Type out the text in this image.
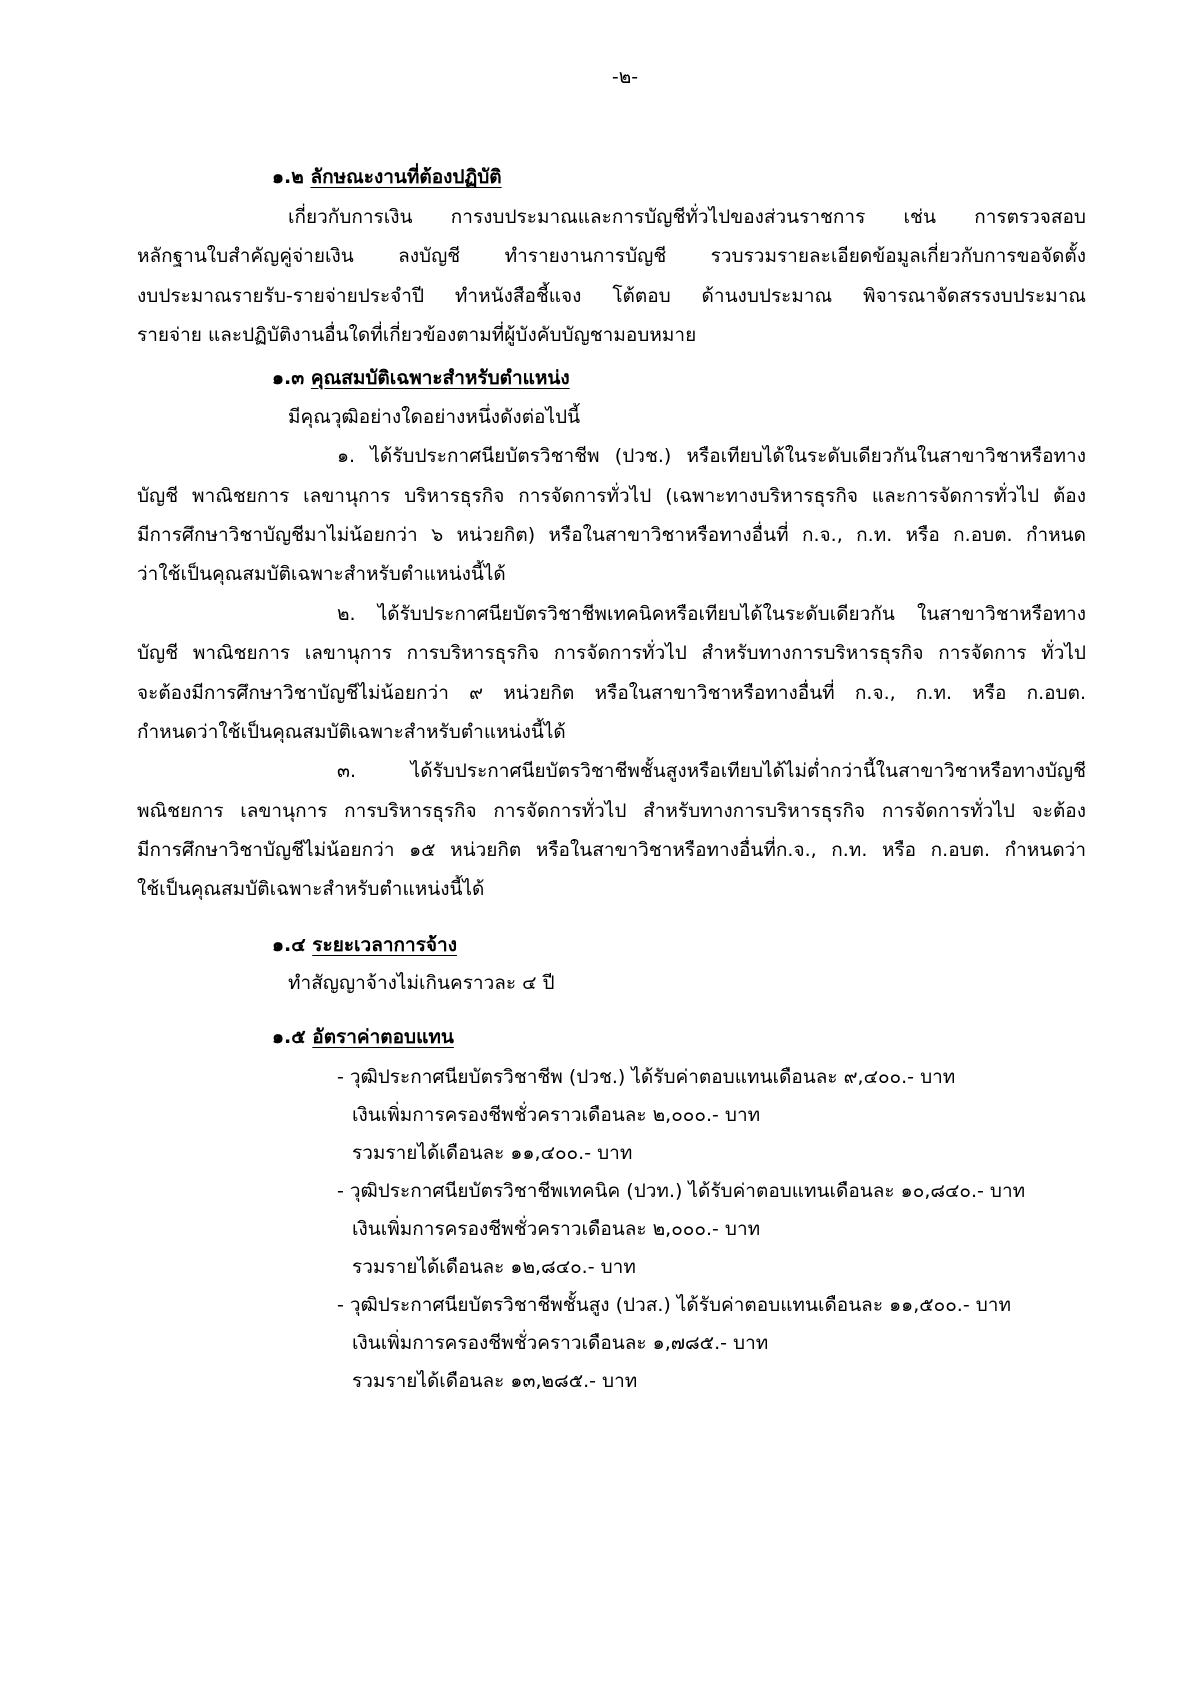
-๒-
๑.๒ ลักษณะงานที่ต้องปฏิบัติ
เกี่ยวกับการเงิน การงบประมาณและการบัญชีทั่วไปของส่วนราชการ เช่น การตรวจสอบ
หลักฐานใบสำคัญคู่จ่ายเงิน ลงบัญชี ทำรายงานการบัญชี รวบรวมรายละเอียดข้อมูลเกี่ยวกับการขอจัดตั้ง
งบประมาณรายรับ-รายจ่ายประจำปี ทำหนังสือชี้แจง โต้ตอบ ด้านงบประมาณ พิจารณาจัดสรรงบประมาณ
รายจ่าย และปฏิบัติงานอื่นใดที่เกี่ยวข้องตามที่ผู้บังคับบัญชามอบหมาย
๑.๓ คุณสมบัติเฉพาะสำหรับตำแหน่ง
มีคุณวุฒิอย่างใดอย่างหนึ่งดังต่อไปนี้
๑. ได้รับประกาศนียบัตรวิชาชีพ (ปวช.) หรือเทียบได้ในระดับเดียวกันในสาขาวิชาหรือทาง
บัญชี พาณิชยการ เลขานุการ บริหารธุรกิจ การจัดการทั่วไป (เฉพาะทางบริหารธุรกิจ และการจัดการทั่วไป ต้อง
มีการศึกษาวิชาบัญชีมาไม่น้อยกว่า ๖ หน่วยกิต) หรือในสาขาวิชาหรือทางอื่นที่ ก.จ., ก.ท. หรือ ก.อบต. กำหนด
ว่าใช้เป็นคุณสมบัติเฉพาะสำหรับตำแหน่งนี้ได้
๒. ได้รับประกาศนียบัตรวิชาชีพเทคนิคหรือเทียบได้ในระดับเดียวกัน ในสาขาวิชาหรือทาง
บัญชี พาณิชยการ เลขานุการ การบริหารธุรกิจ การจัดการทั่วไป สำหรับทางการบริหารธุรกิจ การจัดการ ทั่วไป
จะต้องมีการศึกษาวิชาบัญชีไม่น้อยกว่า ๙ หน่วยกิต หรือในสาขาวิชาหรือทางอื่นที่ ก.จ., ก.ท. หรือ ก.อบต.
กำหนดว่าใช้เป็นคุณสมบัติเฉพาะสำหรับตำแหน่งนี้ได้
๓. ได้รับประกาศนียบัตรวิชาชีพชั้นสูงหรือเทียบได้ไม่ต่ำกว่านี้ในสาขาวิชาหรือทางบัญชี
พณิชยการ เลขานุการ การบริหารธุรกิจ การจัดการทั่วไป สำหรับทางการบริหารธุรกิจ การจัดการทั่วไป จะต้อง
มีการศึกษาวิชาบัญชีไม่น้อยกว่า ๑๕ หน่วยกิต หรือในสาขาวิชาหรือทางอื่นที่ก.จ., ก.ท. หรือ ก.อบต. กำหนดว่า
ใช้เป็นคุณสมบัติเฉพาะสำหรับตำแหน่งนี้ได้
๑.๔ ระยะเวลาการจ้าง
ทำสัญญาจ้างไม่เกินคราวละ ๔ ปี
๑.๕ อัตราค่าตอบแทน
- วุฒิประกาศนียบัตรวิชาชีพ (ปวช.) ได้รับค่าตอบแทนเดือนละ ๙,๔๐๐.- บาท
เงินเพิ่มการครองชีพชั่วคราวเดือนละ ๒,๐๐๐.- บาท
รวมรายได้เดือนละ ๑๑,๔๐๐.- บาท
- วุฒิประกาศนียบัตรวิชาชีพเทคนิค (ปวท.) ได้รับค่าตอบแทนเดือนละ ๑๐,๘๔๐.- บาท
เงินเพิ่มการครองชีพชั่วคราวเดือนละ ๒,๐๐๐.- บาท
รวมรายได้เดือนละ ๑๒,๘๔๐.- บาท
- วุฒิประกาศนียบัตรวิชาชีพชั้นสูง (ปวส.) ได้รับค่าตอบแทนเดือนละ ๑๑,๕๐๐.- บาท
เงินเพิ่มการครองชีพชั่วคราวเดือนละ ๑,๗๘๕.- บาท
รวมรายได้เดือนละ ๑๓,๒๘๕.- บาท
